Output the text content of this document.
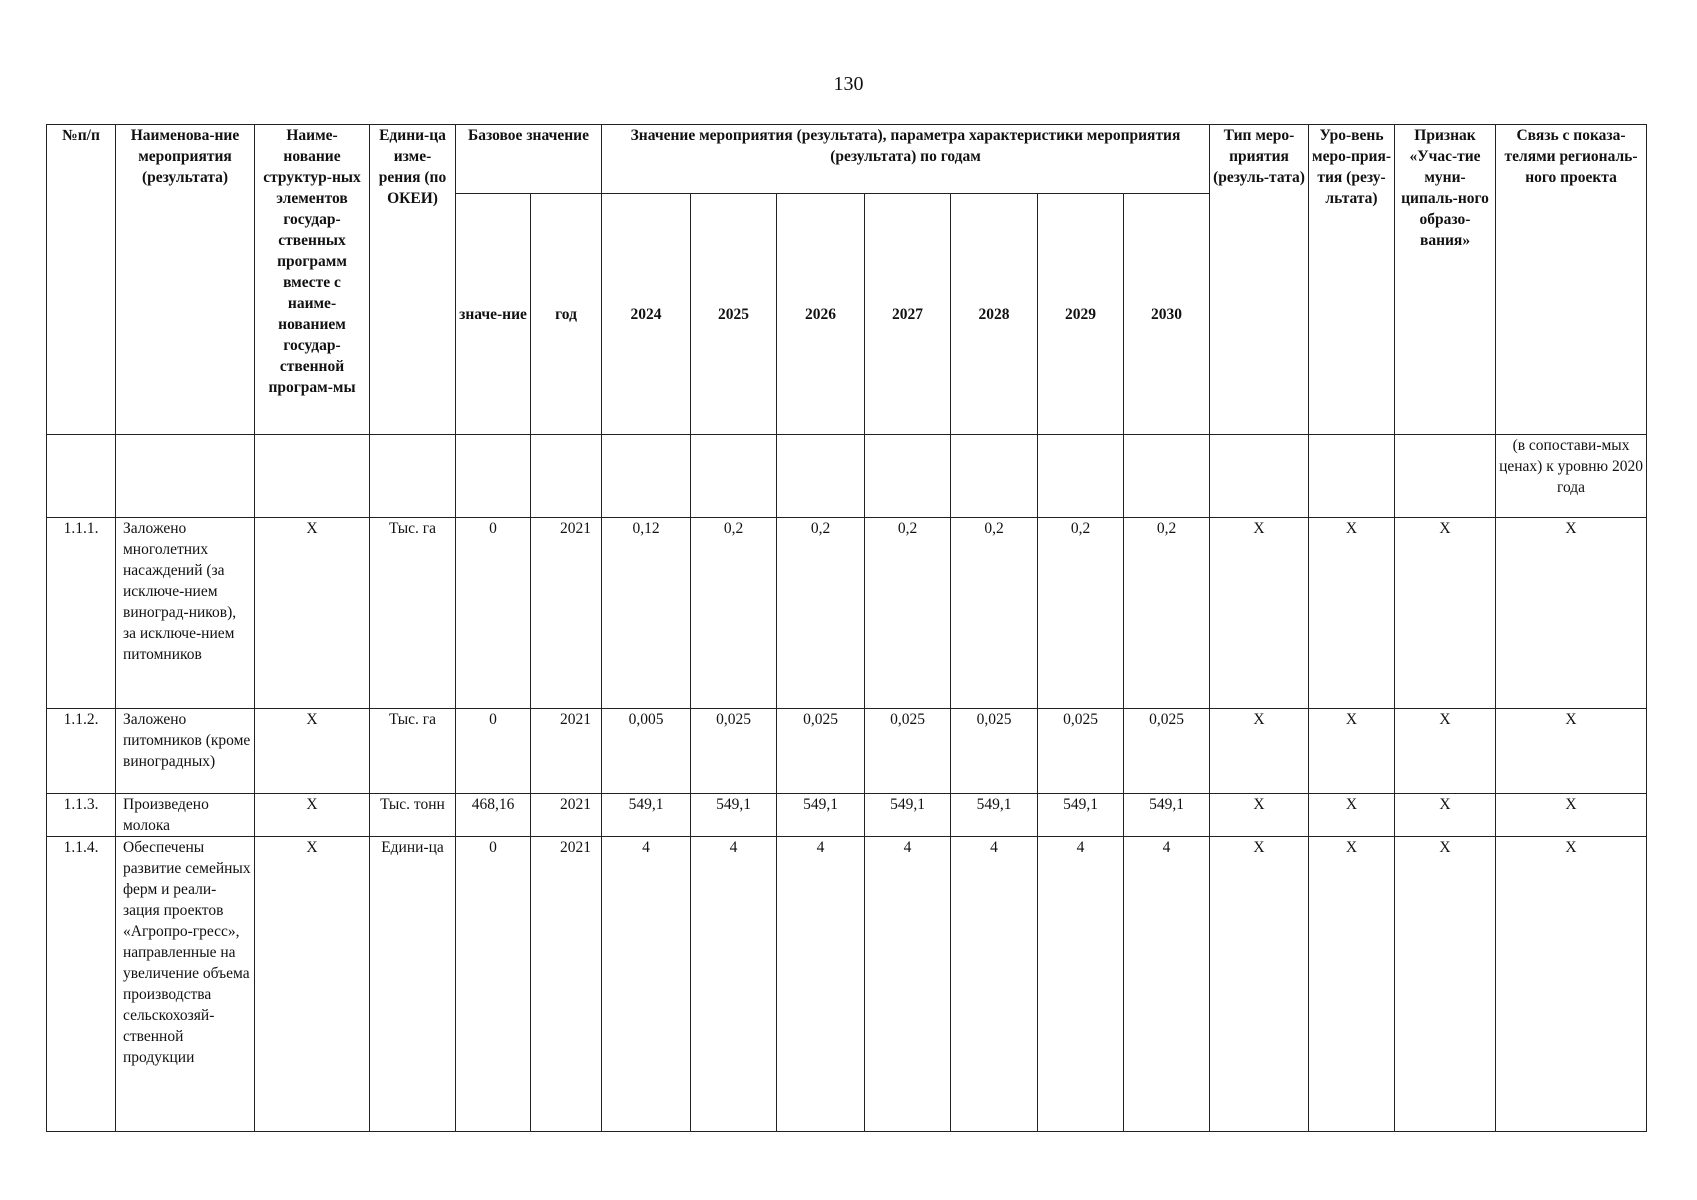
130
№п/п	Наименова-ние мероприятия (результата)	Наиме-нование структур-ных элементов государ-ственных программ вместе с наиме-нованием государ-ственной програм-мы	Едини-ца изме-рения (по ОКЕИ)	Базовое значение		Значение мероприятия (результата), параметра характеристики мероприятия (результата) по годам							Тип меро-приятия (резуль-тата)	Уро-вень меро-прия-тия (резу-льтата)	Признак «Учас-тие муни-ципаль-ного образо-вания»	Связь с показа-телями региональ-ного проекта
				значе-ние	год	2024	2025	2026	2027	2028	2029	2030				
																(в сопостави-мых ценах) к уровню 2020 года
1.1.1.	Заложено многолетних насаждений (за исключе-нием виноград-ников), за исключе-нием питомников	X	Тыс. га	0	2021	0,12	0,2	0,2	0,2	0,2	0,2	0,2	X	X	X	X
1.1.2.	Заложено питомников (кроме виноградных)	X	Тыс. га	0	2021	0,005	0,025	0,025	0,025	0,025	0,025	0,025	X	X	X	X
1.1.3.	Произведено молока	X	Тыс. тонн	468,16	2021	549,1	549,1	549,1	549,1	549,1	549,1	549,1	X	X	X	X
1.1.4.	Обеспечены развитие семейных ферм и реали-зация проектов «Агропро-гресс», направленные на увеличение объема производства сельскохозяй-ственной продукции	X	Едини-ца	0	2021	4	4	4	4	4	4	4	X	X	X	X
